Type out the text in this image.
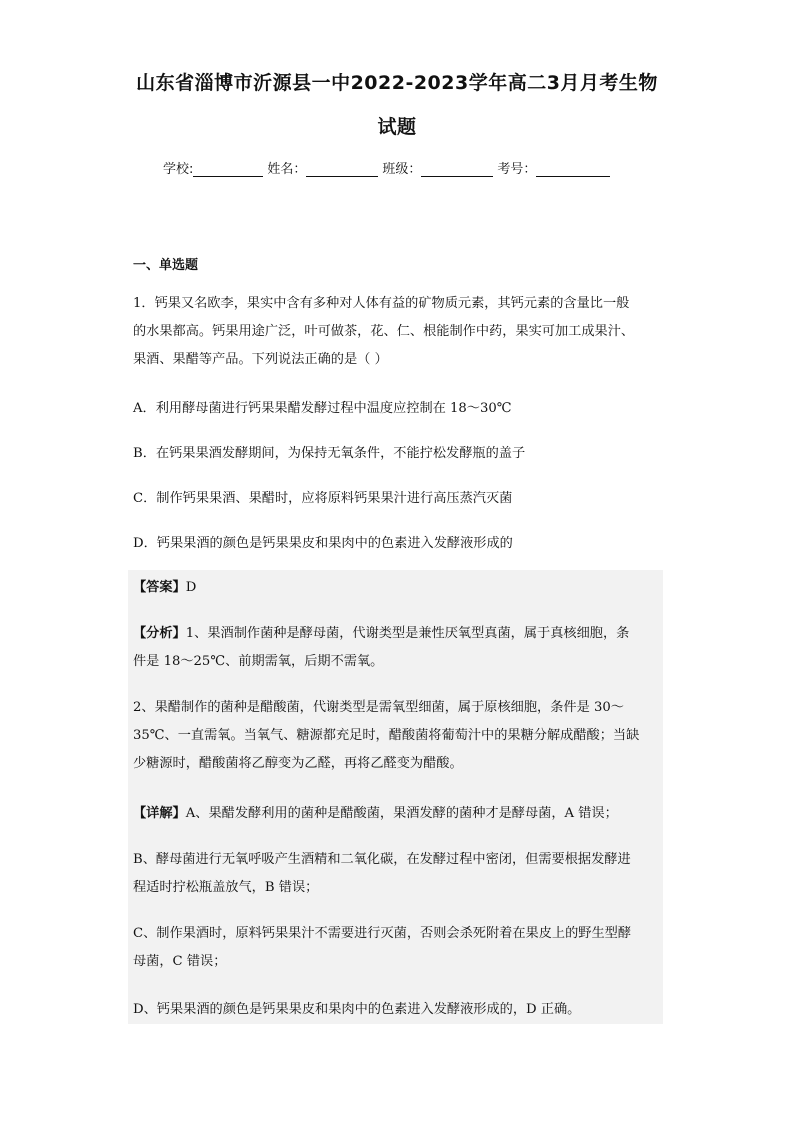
山东省淄博市沂源县一中2022-2023学年高二3月月考生物
试题
学校:	姓名：	班级：	考号：
一、单选题
1．钙果又名欧李，果实中含有多种对人体有益的矿物质元素，其钙元素的含量比一般
的水果都高。钙果用途广泛，叶可做茶，花、仁、根能制作中药，果实可加工成果汁、
果酒、果醋等产品。下列说法正确的是（ ）
A．利用酵母菌进行钙果果醋发酵过程中温度应控制在 18～30℃
B．在钙果果酒发酵期间，为保持无氧条件，不能拧松发酵瓶的盖子
C．制作钙果果酒、果醋时，应将原料钙果果汁进行高压蒸汽灭菌
D．钙果果酒的颜色是钙果果皮和果肉中的色素进入发酵液形成的
【答案】D
【分析】1、果酒制作菌种是酵母菌，代谢类型是兼性厌氧型真菌，属于真核细胞，条
件是 18～25℃、前期需氧，后期不需氧。
2、果醋制作的菌种是醋酸菌，代谢类型是需氧型细菌，属于原核细胞，条件是 30～
35℃、一直需氧。当氧气、糖源都充足时，醋酸菌将葡萄汁中的果糖分解成醋酸；当缺
少糖源时，醋酸菌将乙醇变为乙醛，再将乙醛变为醋酸。
【详解】A、果醋发酵利用的菌种是醋酸菌，果酒发酵的菌种才是酵母菌，A 错误；
B、酵母菌进行无氧呼吸产生酒精和二氧化碳，在发酵过程中密闭，但需要根据发酵进
程适时拧松瓶盖放气，B 错误；
C、制作果酒时，原料钙果果汁不需要进行灭菌，否则会杀死附着在果皮上的野生型酵
母菌，C 错误；
D、钙果果酒的颜色是钙果果皮和果肉中的色素进入发酵液形成的，D 正确。
